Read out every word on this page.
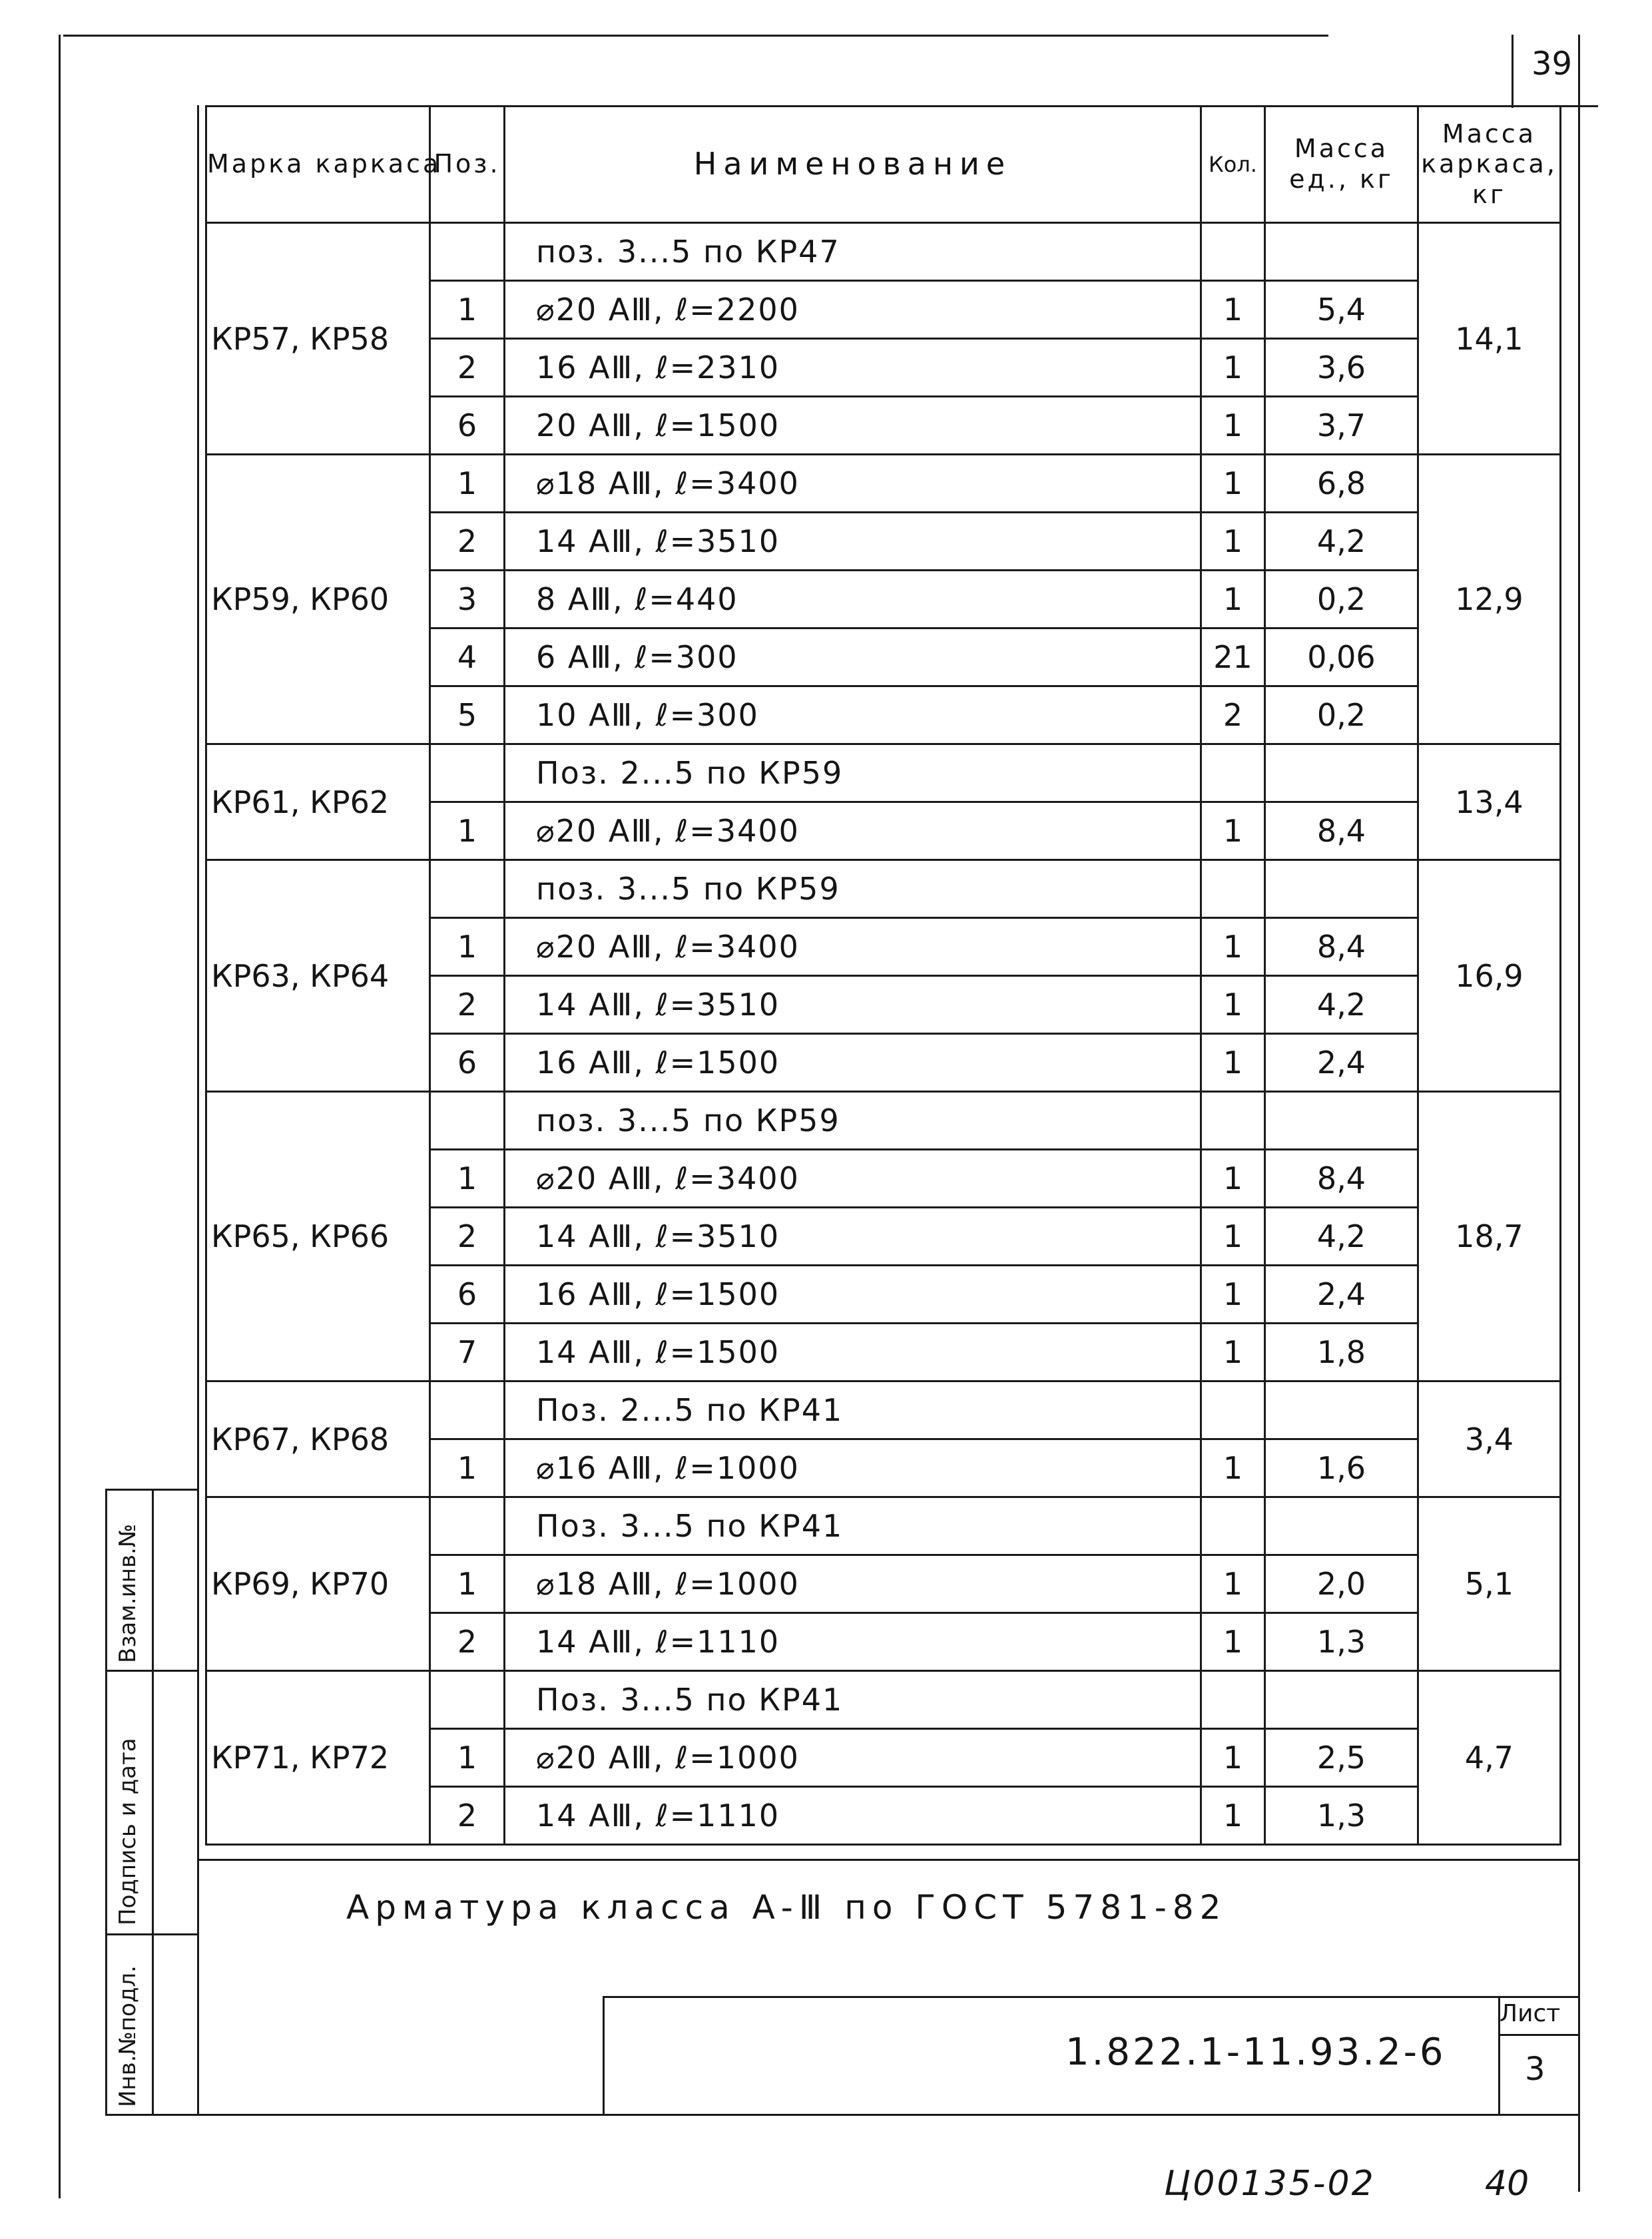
39
Марка каркаса	Поз.	Наименование	Кол.	Масса ед., кг	Масса каркаса, кг
КР57, КР58		поз. 3...5 по КР47			14,1
	1	⌀20 АⅢ, ℓ=2200	1	5,4	
	2	16 АⅢ, ℓ=2310	1	3,6	
	6	20 АⅢ, ℓ=1500	1	3,7	
КР59, КР60	1	⌀18 АⅢ, ℓ=3400	1	6,8	12,9
	2	14 АⅢ, ℓ=3510	1	4,2	
	3	8 АⅢ, ℓ=440	1	0,2	
	4	6 АⅢ, ℓ=300	21	0,06	
	5	10 АⅢ, ℓ=300	2	0,2	
КР61, КР62		Поз. 2...5 по КР59			13,4
	1	⌀20 АⅢ, ℓ=3400	1	8,4	
КР63, КР64		поз. 3...5 по КР59			16,9
	1	⌀20 АⅢ, ℓ=3400	1	8,4	
	2	14 АⅢ, ℓ=3510	1	4,2	
	6	16 АⅢ, ℓ=1500	1	2,4	
КР65, КР66		поз. 3...5 по КР59			18,7
	1	⌀20 АⅢ, ℓ=3400	1	8,4	
	2	14 АⅢ, ℓ=3510	1	4,2	
	6	16 АⅢ, ℓ=1500	1	2,4	
	7	14 АⅢ, ℓ=1500	1	1,8	
КР67, КР68		Поз. 2...5 по КР41			3,4
	1	⌀16 АⅢ, ℓ=1000	1	1,6	
КР69, КР70		Поз. 3...5 по КР41			5,1
	1	⌀18 АⅢ, ℓ=1000	1	2,0	
	2	14 АⅢ, ℓ=1110	1	1,3	
КР71, КР72		Поз. 3...5 по КР41			4,7
	1	⌀20 АⅢ, ℓ=1000	1	2,5	
	2	14 АⅢ, ℓ=1110	1	1,3	
Арматура класса А-Ⅲ по ГОСТ 5781-82
1.822.1-11.93.2-6
Лист
3
Взам.инв.№
Подпись и дата
Инв.№подл.
Ц00135-02	40
